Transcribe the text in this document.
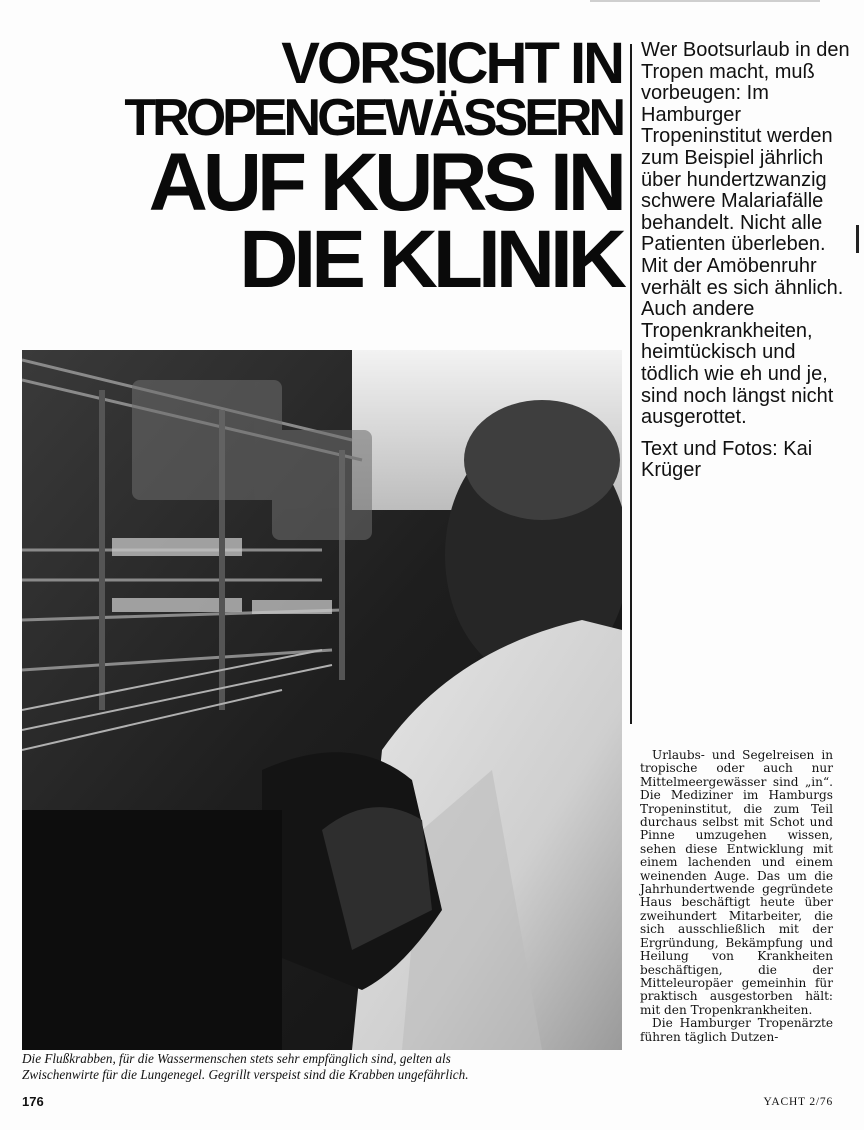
VORSICHT IN
TROPENGEWÄSSERN
AUF KURS IN
DIE KLINIK

Wer Bootsurlaub in den Tropen macht, muß vorbeugen: Im Hamburger Tropeninstitut werden zum Beispiel jährlich über hundertzwanzig schwere Malariafälle behandelt. Nicht alle Patienten überleben. Mit der Amöbenruhr verhält es sich ähnlich. Auch andere Tropenkrankheiten, heimtückisch und tödlich wie eh und je, sind noch längst nicht ausgerottet.

Text und Fotos: Kai Krüger

Die Flußkrabben, für die Wassermenschen stets sehr empfänglich sind, gelten als
Zwischenwirte für die Lungenegel. Gegrillt verspeist sind die Krabben ungefährlich.

Urlaubs- und Segelreisen in tropische oder auch nur Mittelmeergewässer sind „in“. Die Mediziner im Hamburgs Tropeninstitut, die zum Teil durchaus selbst mit Schot und Pinne umzugehen wissen, sehen diese Entwicklung mit einem lachenden und einem weinenden Auge. Das um die Jahrhundertwende gegründete Haus beschäftigt heute über zweihundert Mitarbeiter, die sich ausschließlich mit der Ergründung, Bekämpfung und Heilung von Krankheiten beschäftigen, die der Mitteleuropäer gemeinhin für praktisch ausgestorben hält: mit den Tropenkrankheiten.

Die Hamburger Tropenärzte führen täglich Dutzen-

176	YACHT 2/76
